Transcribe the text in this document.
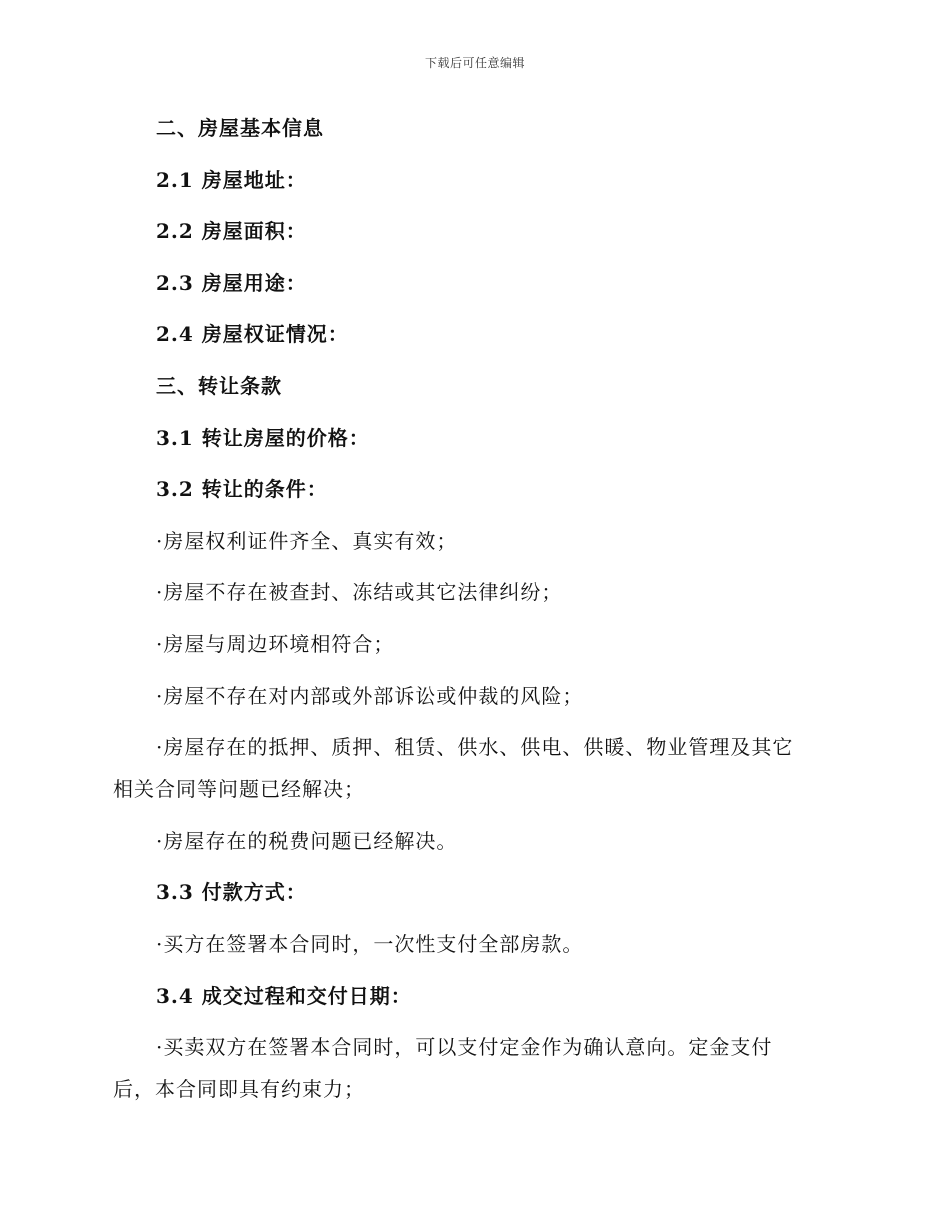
下载后可任意编辑
二、房屋基本信息
2.1 房屋地址：
2.2 房屋面积：
2.3 房屋用途：
2.4 房屋权证情况：
三、转让条款
3.1 转让房屋的价格：
3.2 转让的条件：
·房屋权利证件齐全、真实有效；
·房屋不存在被查封、冻结或其它法律纠纷；
·房屋与周边环境相符合；
·房屋不存在对内部或外部诉讼或仲裁的风险；
·房屋存在的抵押、质押、租赁、供水、供电、供暖、物业管理及其它
相关合同等问题已经解决；
·房屋存在的税费问题已经解决。
3.3 付款方式：
·买方在签署本合同时，一次性支付全部房款。
3.4 成交过程和交付日期：
·买卖双方在签署本合同时，可以支付定金作为确认意向。定金支付
后，本合同即具有约束力；
